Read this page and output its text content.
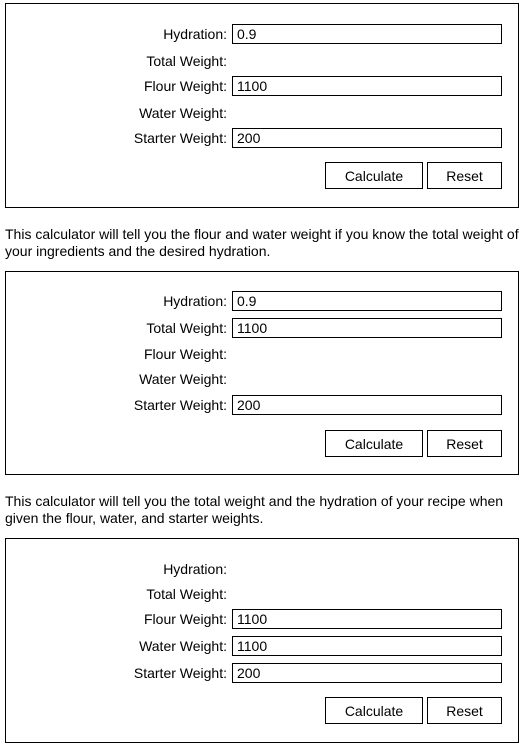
Hydration:
0.9
Total Weight:
Flour Weight:
1100
Water Weight:
Starter Weight:
200
Calculate	Reset

This calculator will tell you the flour and water weight if you know the total weight of your ingredients and the desired hydration.

Hydration:
0.9
Total Weight:
1100
Flour Weight:
Water Weight:
Starter Weight:
200
Calculate	Reset

This calculator will tell you the total weight and the hydration of your recipe when given the flour, water, and starter weights.

Hydration:
Total Weight:
Flour Weight:
1100
Water Weight:
1100
Starter Weight:
200
Calculate	Reset
